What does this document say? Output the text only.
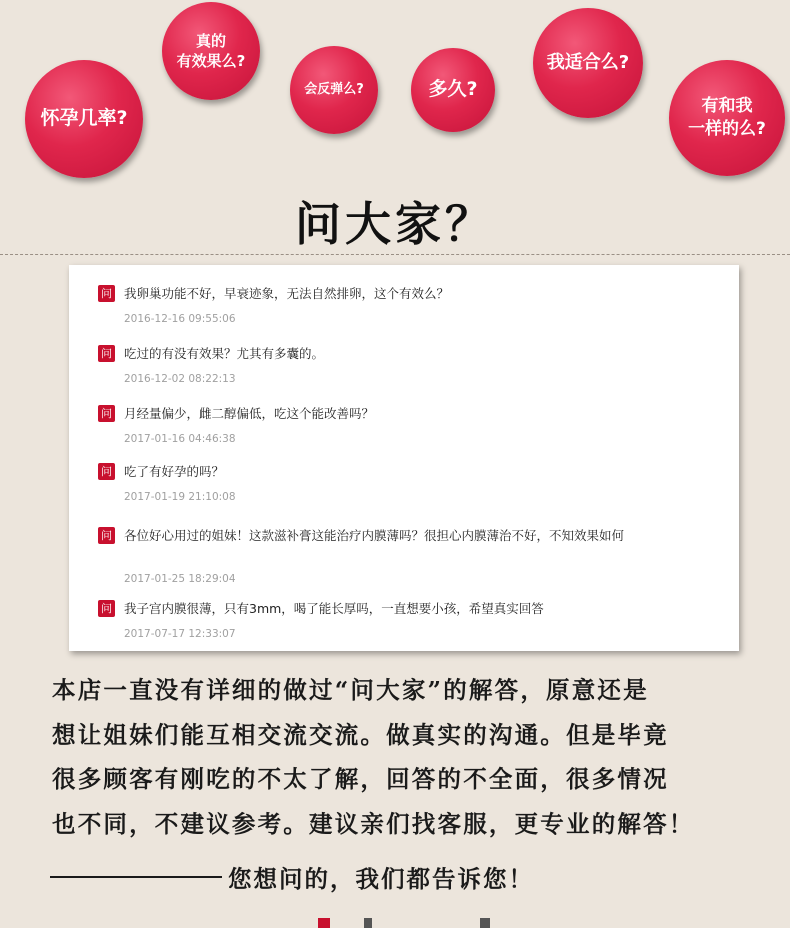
怀孕几率?
真的
有效果么?
会反弹么?	多久?
我适合么?
有和我
一样的么?
问大家？
问 我卵巢功能不好，早衰迹象，无法自然排卵，这个有效么？
2016-12-16 09:55:06
问 吃过的有没有效果？尤其有多囊的。
2016-12-02 08:22:13
问 月经量偏少，雌二醇偏低，吃这个能改善吗？
2017-01-16 04:46:38
问 吃了有好孕的吗？
2017-01-19 21:10:08
问 各位好心用过的姐妹！这款滋补膏这能治疗内膜薄吗？很担心内膜薄治不好，不知效果如何
2017-01-25 18:29:04
问 我子宫内膜很薄，只有3mm，喝了能长厚吗，一直想要小孩，希望真实回答
2017-07-17 12:33:07
本店一直没有详细的做过“问大家”的解答，原意还是
想让姐妹们能互相交流交流。做真实的沟通。但是毕竟
很多顾客有刚吃的不太了解，回答的不全面，很多情况
也不同，不建议参考。建议亲们找客服，更专业的解答！
您想问的，我们都告诉您！
